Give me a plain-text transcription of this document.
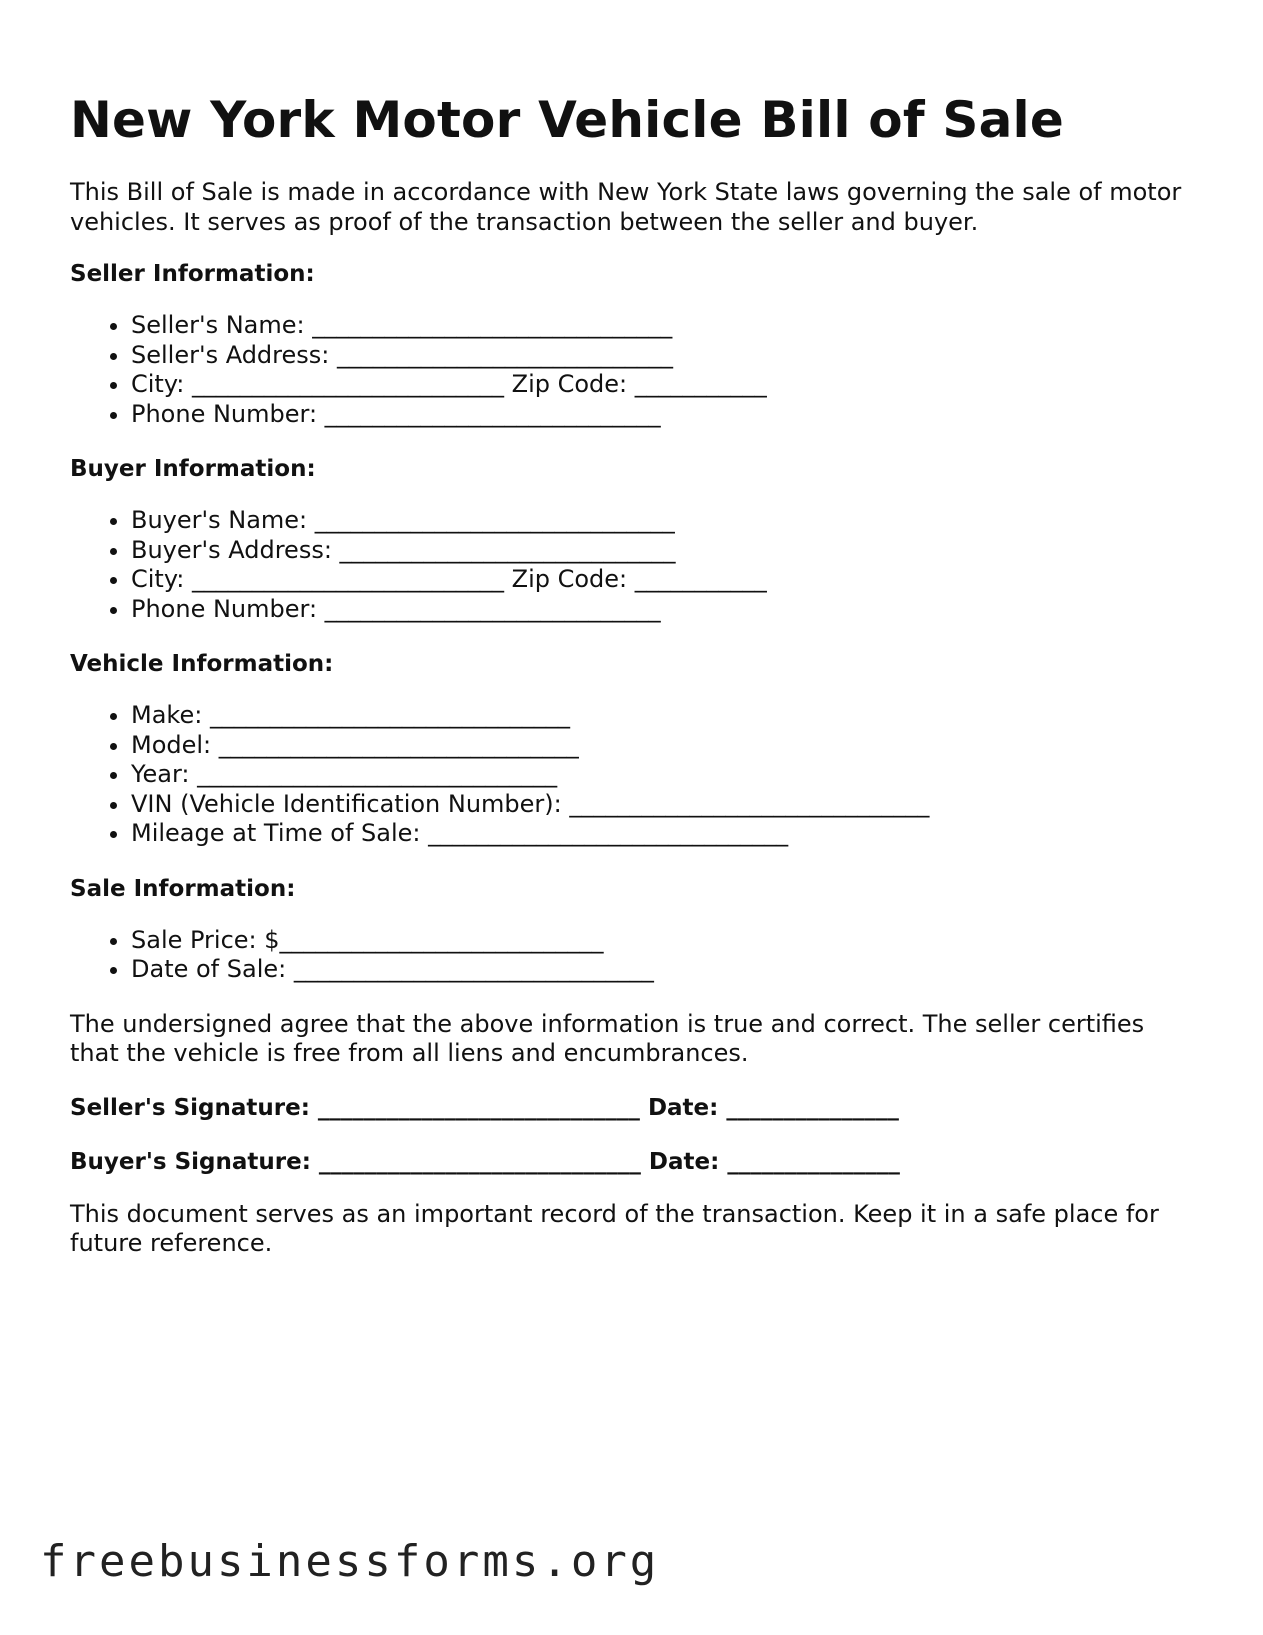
New York Motor Vehicle Bill of Sale

This Bill of Sale is made in accordance with New York State laws governing the sale of motor vehicles. It serves as proof of the transaction between the seller and buyer.

Seller Information:
• Seller's Name: ______________________________
• Seller's Address: ____________________________
• City: __________________________ Zip Code: ___________
• Phone Number: ____________________________
Buyer Information:
• Buyer's Name: ______________________________
• Buyer's Address: ____________________________
• City: __________________________ Zip Code: ___________
• Phone Number: ____________________________
Vehicle Information:
• Make: ______________________________
• Model: ______________________________
• Year: ______________________________
• VIN (Vehicle Identification Number): ______________________________
• Mileage at Time of Sale: ______________________________
Sale Information:
• Sale Price: $___________________________
• Date of Sale: ______________________________

The undersigned agree that the above information is true and correct. The seller certifies that the vehicle is free from all liens and encumbrances.

Seller's Signature: ____________________________ Date: _______________
Buyer's Signature: ____________________________ Date: _______________

This document serves as an important record of the transaction. Keep it in a safe place for future reference.

freebusinessforms.org
